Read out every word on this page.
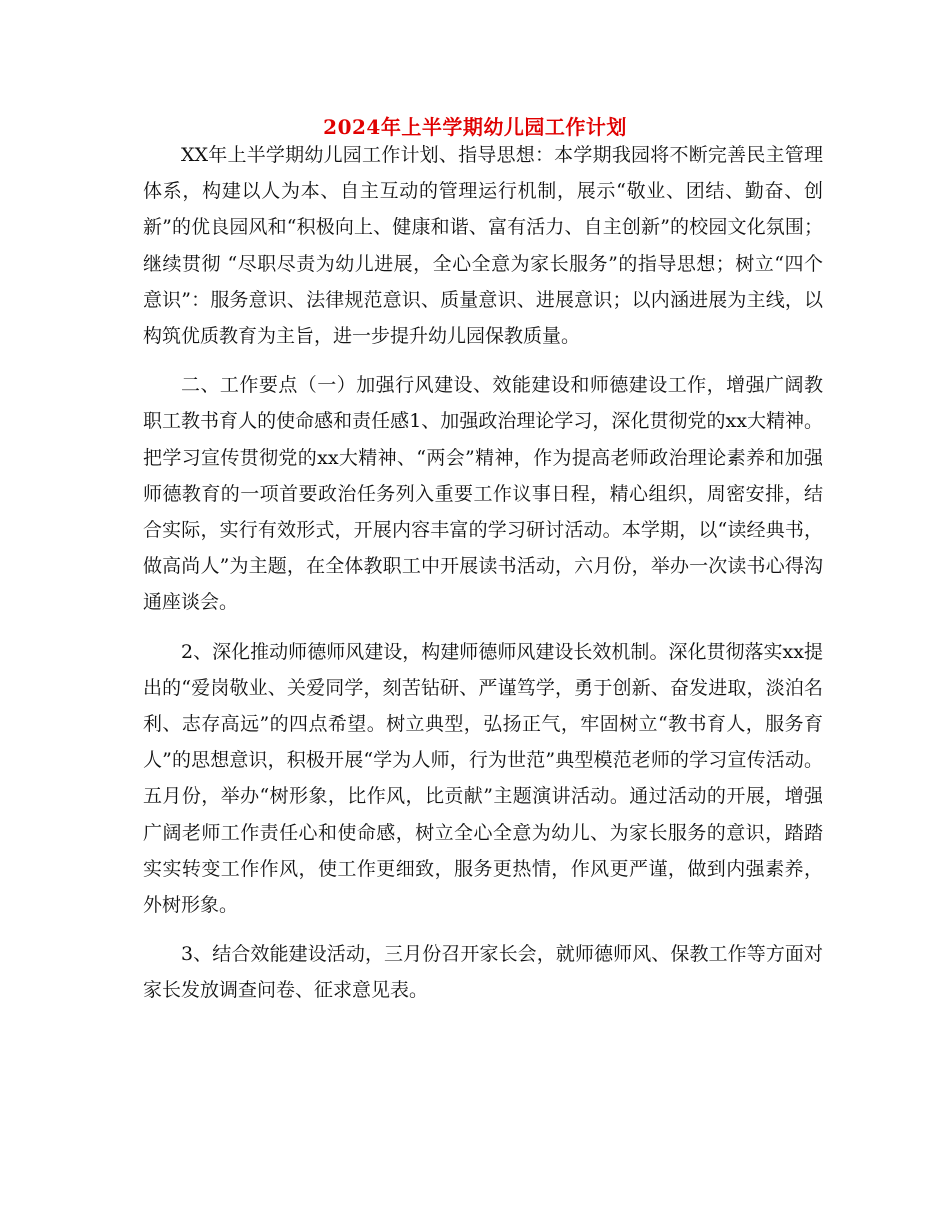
2024年上半学期幼儿园工作计划

XX年上半学期幼儿园工作计划、指导思想：本学期我园将不断完善民主管理体系，构建以人为本、自主互动的管理运行机制，展示“敬业、团结、勤奋、创新”的优良园风和“积极向上、健康和谐、富有活力、自主创新”的校园文化氛围；继续贯彻 “尽职尽责为幼儿进展，全心全意为家长服务”的指导思想；树立“四个意识”：服务意识、法律规范意识、质量意识、进展意识；以内涵进展为主线，以构筑优质教育为主旨，进一步提升幼儿园保教质量。

二、工作要点（一）加强行风建设、效能建设和师德建设工作，增强广阔教职工教书育人的使命感和责任感1、加强政治理论学习，深化贯彻党的xx大精神。把学习宣传贯彻党的xx大精神、“两会”精神，作为提高老师政治理论素养和加强师德教育的一项首要政治任务列入重要工作议事日程，精心组织，周密安排，结合实际，实行有效形式，开展内容丰富的学习研讨活动。本学期，以“读经典书，做高尚人”为主题，在全体教职工中开展读书活动，六月份，举办一次读书心得沟通座谈会。

2、深化推动师德师风建设，构建师德师风建设长效机制。深化贯彻落实xx提出的“爱岗敬业、关爱同学，刻苦钻研、严谨笃学，勇于创新、奋发进取，淡泊名利、志存高远”的四点希望。树立典型，弘扬正气，牢固树立“教书育人，服务育人”的思想意识，积极开展“学为人师，行为世范”典型模范老师的学习宣传活动。五月份，举办“树形象，比作风，比贡献”主题演讲活动。通过活动的开展，增强广阔老师工作责任心和使命感，树立全心全意为幼儿、为家长服务的意识，踏踏实实转变工作作风，使工作更细致，服务更热情，作风更严谨，做到内强素养，外树形象。

3、结合效能建设活动，三月份召开家长会，就师德师风、保教工作等方面对家长发放调查问卷、征求意见表。
